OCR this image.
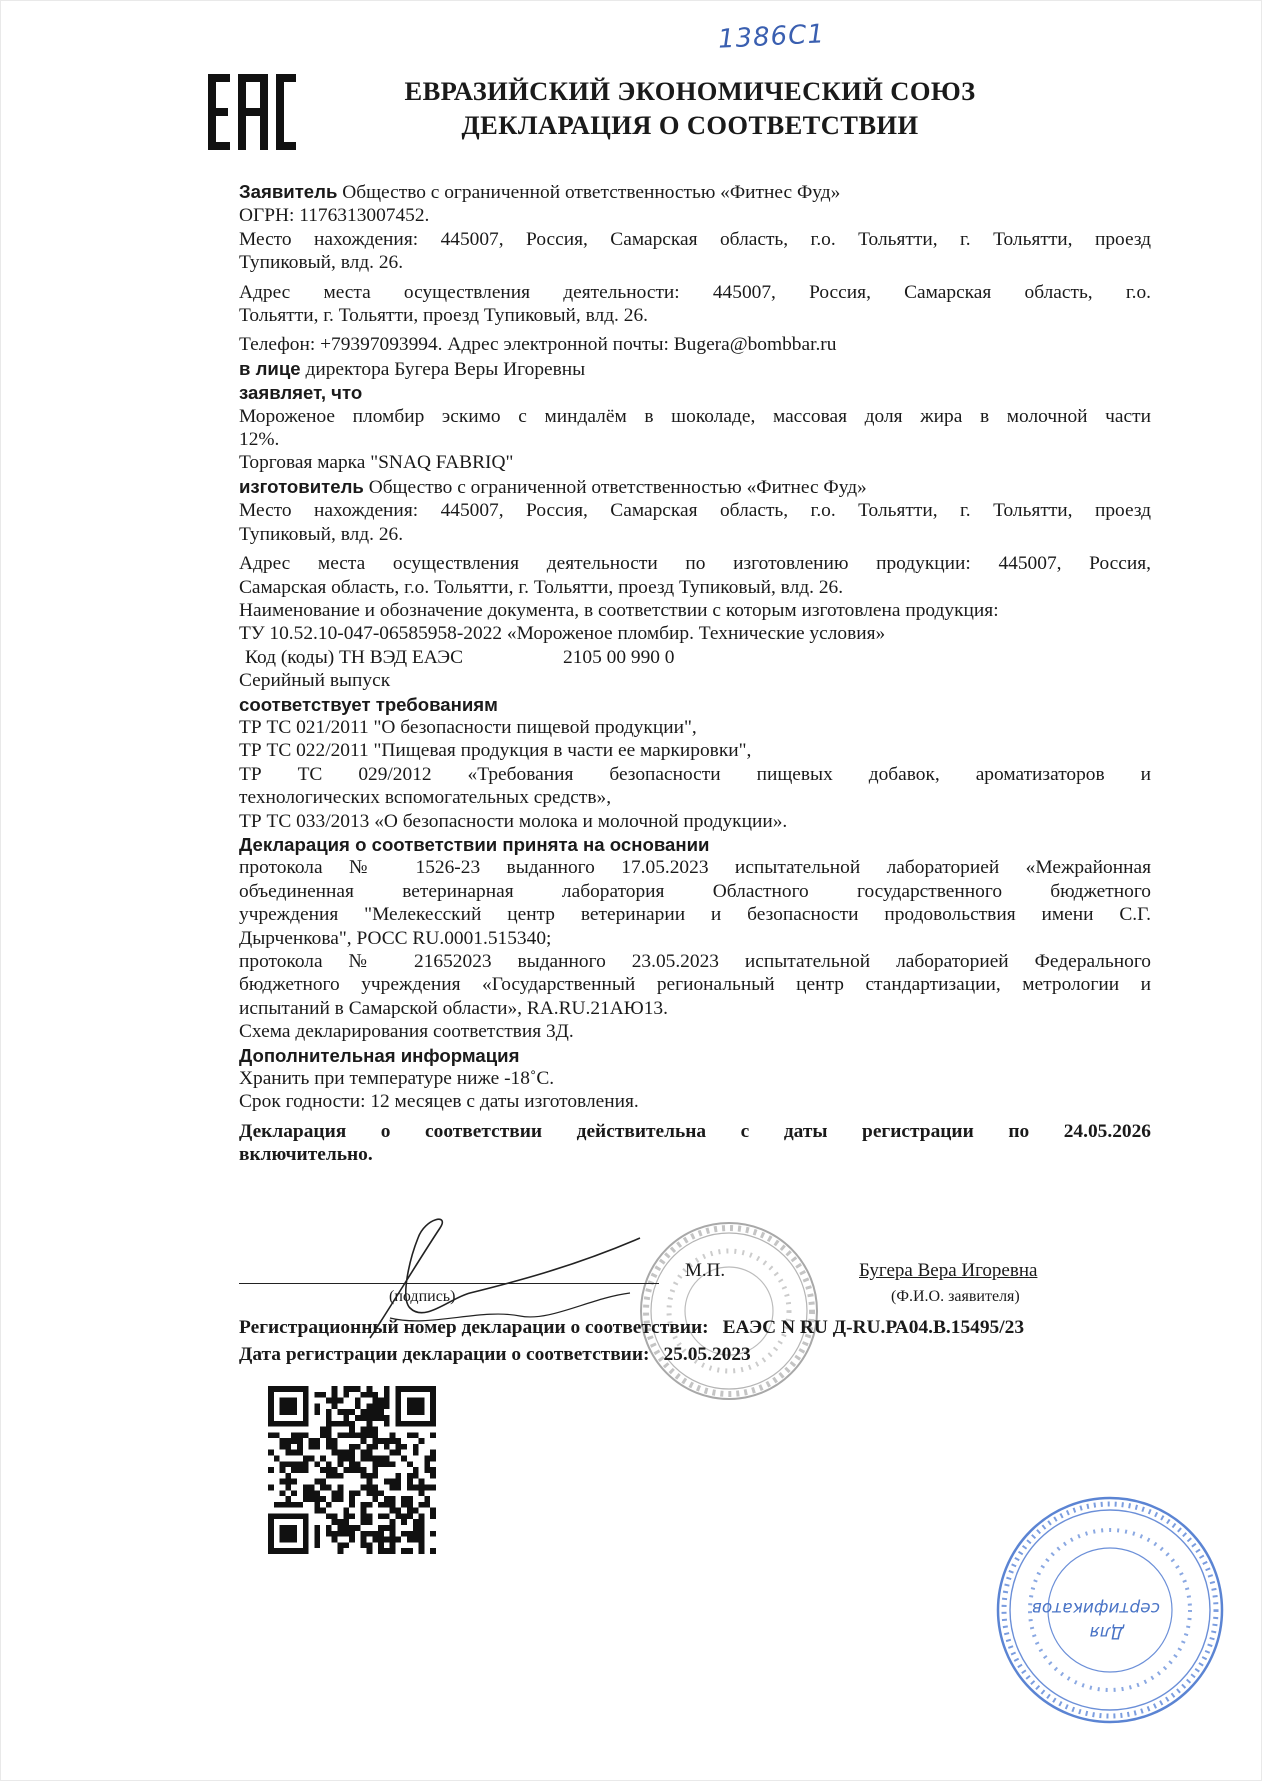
1386C1
ЕВРАЗИЙСКИЙ ЭКОНОМИЧЕСКИЙ СОЮЗ
ДЕКЛАРАЦИЯ О СООТВЕТСТВИИ

Заявитель Общество с ограниченной ответственностью «Фитнес Фуд»

ОГРН: 1176313007452.

Место нахождения: 445007, Россия, Самарская область, г.о. Тольятти, г. Тольятти, проезд

Тупиковый, влд. 26.

Адрес места осуществления деятельности: 445007, Россия, Самарская область, г.о.

Тольятти, г. Тольятти, проезд Тупиковый, влд. 26.

Телефон: +79397093994. Адрес электронной почты: Bugera@bombbar.ru

в лице директора Бугера Веры Игоревны

заявляет, что

Мороженое пломбир эскимо с миндалём в шоколаде, массовая доля жира в молочной части

12%.

Торговая марка "SNAQ FABRIQ"

изготовитель Общество с ограниченной ответственностью «Фитнес Фуд»

Место нахождения: 445007, Россия, Самарская область, г.о. Тольятти, г. Тольятти, проезд

Тупиковый, влд. 26.

Адрес места осуществления деятельности по изготовлению продукции: 445007, Россия,

Самарская область, г.о. Тольятти, г. Тольятти, проезд Тупиковый, влд. 26.

Наименование и обозначение документа, в соответствии с которым изготовлена продукция:

ТУ 10.52.10-047-06585958-2022 «Мороженое пломбир. Технические условия»

Код (коды) ТН ВЭД ЕАЭС	2105 00 990 0

Серийный выпуск

соответствует требованиям

ТР ТС 021/2011 "О безопасности пищевой продукции",

ТР ТС 022/2011 "Пищевая продукция в части ее маркировки",

ТР ТС 029/2012 «Требования безопасности пищевых добавок, ароматизаторов и

технологических вспомогательных средств»,

ТР ТС 033/2013 «О безопасности молока и молочной продукции».

Декларация о соответствии принята на основании

протокола № 1526-23 выданного 17.05.2023 испытательной лабораторией «Межрайонная

объединенная ветеринарная лаборатория Областного государственного бюджетного

учреждения "Мелекесский центр ветеринарии и безопасности продовольствия имени С.Г.

Дырченкова", РОСС RU.0001.515340;

протокола № 21652023 выданного 23.05.2023 испытательной лабораторией Федерального

бюджетного учреждения «Государственный региональный центр стандартизации, метрологии и

испытаний в Самарской области», RA.RU.21АЮ13.

Схема декларирования соответствия 3Д.

Дополнительная информация

Хранить при температуре ниже -18˚С.

Срок годности: 12 месяцев с даты изготовления.

Декларация о соответствии действительна с даты регистрации по 24.05.2026

включительно.

(подпись)
М.П.	Бугера Вера Игоревна
(Ф.И.О. заявителя)
Регистрационный номер декларации о соответствии: ЕАЭС N RU Д-RU.РА04.В.15495/23
Дата регистрации декларации о соответствии: 25.05.2023
Для
сертификатов
